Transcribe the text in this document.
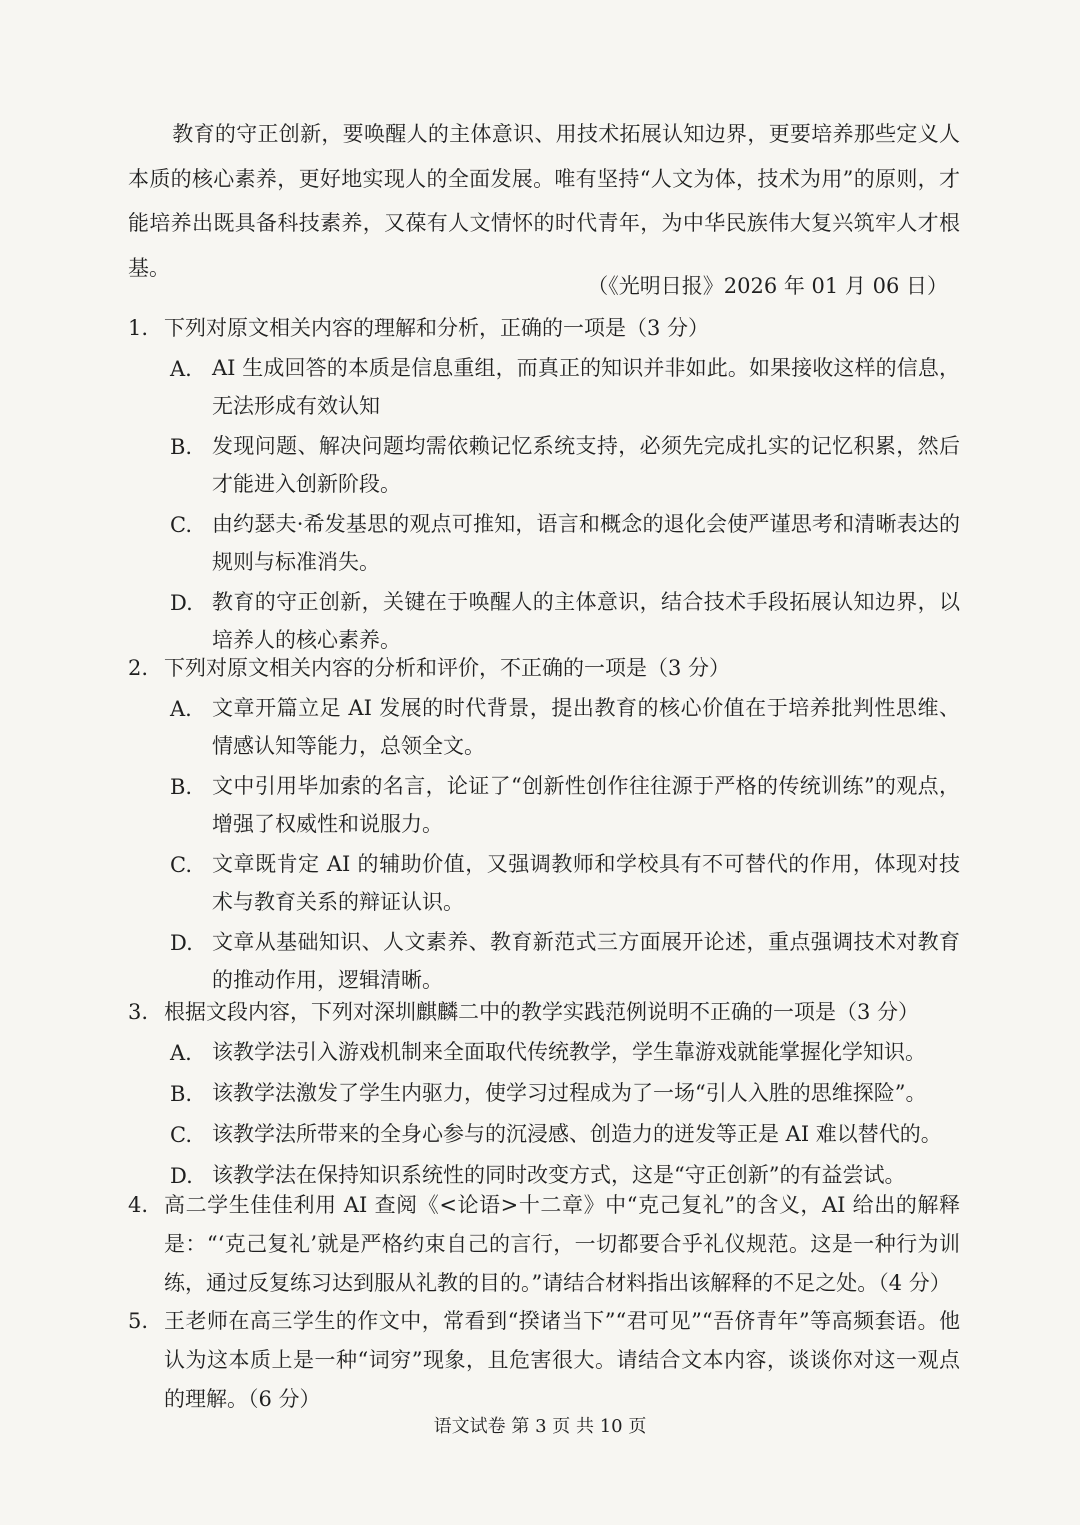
教育的守正创新，要唤醒人的主体意识、用技术拓展认知边界，更要培养那些定义人本质的核心素养，更好地实现人的全面发展。唯有坚持“人文为体，技术为用”的原则，才能培养出既具备科技素养，又葆有人文情怀的时代青年，为中华民族伟大复兴筑牢人才根基。

（《光明日报》2026 年 01 月 06 日）
1. 下列对原文相关内容的理解和分析，正确的一项是（3 分）
A. AI 生成回答的本质是信息重组，而真正的知识并非如此。如果接收这样的信息，无法形成有效认知
B. 发现问题、解决问题均需依赖记忆系统支持，必须先完成扎实的记忆积累，然后才能进入创新阶段。
C. 由约瑟夫·希发基思的观点可推知，语言和概念的退化会使严谨思考和清晰表达的规则与标准消失。
D. 教育的守正创新，关键在于唤醒人的主体意识，结合技术手段拓展认知边界，以培养人的核心素养。
2. 下列对原文相关内容的分析和评价，不正确的一项是（3 分）
A. 文章开篇立足 AI 发展的时代背景，提出教育的核心价值在于培养批判性思维、情感认知等能力，总领全文。
B. 文中引用毕加索的名言，论证了“创新性创作往往源于严格的传统训练”的观点，增强了权威性和说服力。
C. 文章既肯定 AI 的辅助价值，又强调教师和学校具有不可替代的作用，体现对技术与教育关系的辩证认识。
D. 文章从基础知识、人文素养、教育新范式三方面展开论述，重点强调技术对教育的推动作用，逻辑清晰。
3. 根据文段内容，下列对深圳麒麟二中的教学实践范例说明不正确的一项是（3 分）
A. 该教学法引入游戏机制来全面取代传统教学，学生靠游戏就能掌握化学知识。
B. 该教学法激发了学生内驱力，使学习过程成为了一场“引人入胜的思维探险”。
C. 该教学法所带来的全身心参与的沉浸感、创造力的迸发等正是 AI 难以替代的。
D. 该教学法在保持知识系统性的同时改变方式，这是“守正创新”的有益尝试。
4. 高二学生佳佳利用 AI 查阅《<论语>十二章》中“克己复礼”的含义，AI 给出的解释是：“‘克己复礼’就是严格约束自己的言行，一切都要合乎礼仪规范。这是一种行为训练，通过反复练习达到服从礼教的目的。”请结合材料指出该解释的不足之处。（4 分）
5. 王老师在高三学生的作文中，常看到“揆诸当下”“君可见”“吾侪青年”等高频套语。他认为这本质上是一种“词穷”现象，且危害很大。请结合文本内容，谈谈你对这一观点的理解。（6 分）
语文试卷 第 3 页 共 10 页
